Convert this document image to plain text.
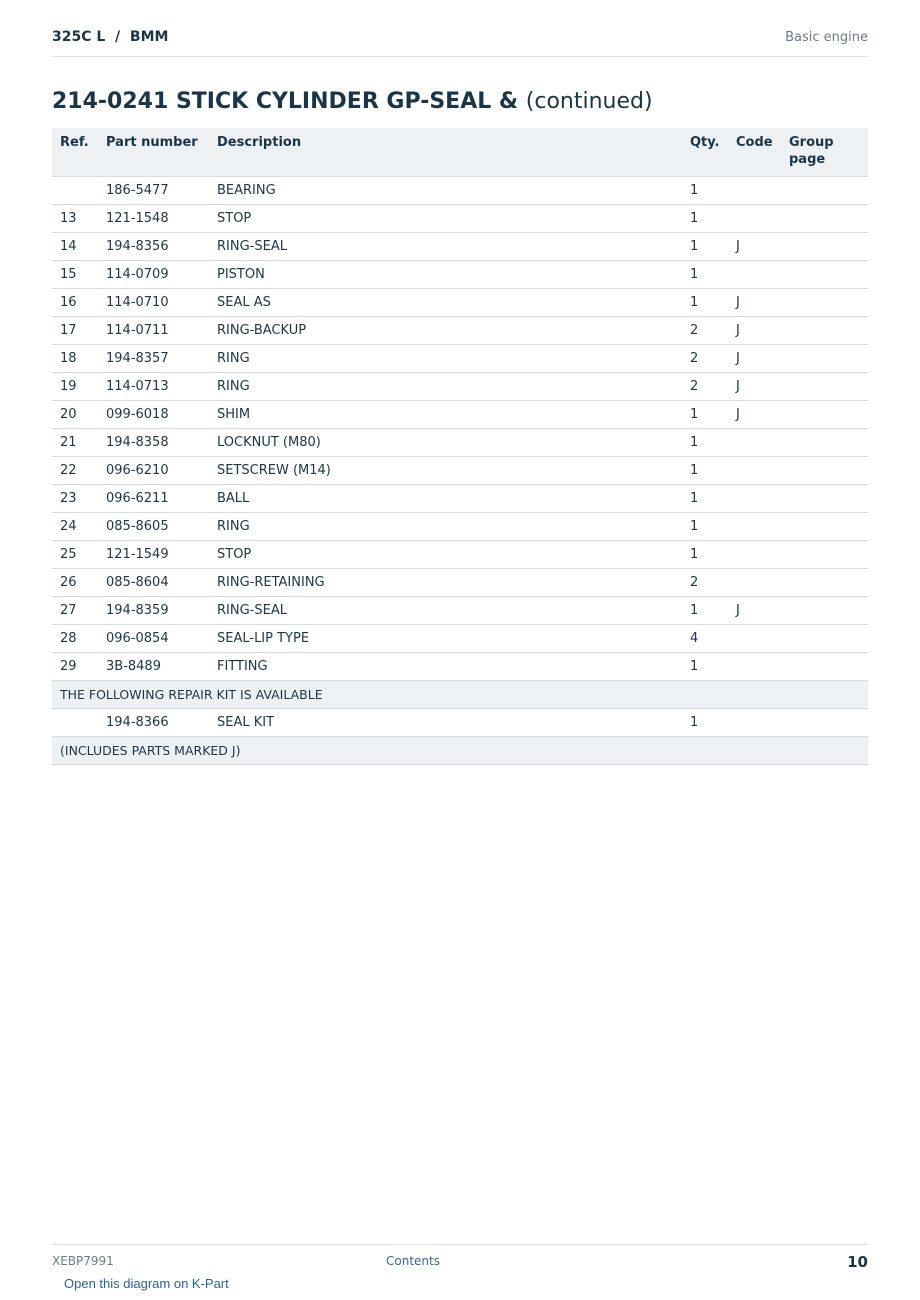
325C L  /  BMM	Basic engine
214-0241 STICK CYLINDER GP-SEAL & (continued)
Ref.	Part number	Description	Qty.	Code	Group page
	186-5477	BEARING	1		
13	121-1548	STOP	1		
14	194-8356	RING-SEAL	1	J	
15	114-0709	PISTON	1		
16	114-0710	SEAL AS	1	J	
17	114-0711	RING-BACKUP	2	J	
18	194-8357	RING	2	J	
19	114-0713	RING	2	J	
20	099-6018	SHIM	1	J	
21	194-8358	LOCKNUT (M80)	1		
22	096-6210	SETSCREW (M14)	1		
23	096-6211	BALL	1		
24	085-8605	RING	1		
25	121-1549	STOP	1		
26	085-8604	RING-RETAINING	2		
27	194-8359	RING-SEAL	1	J	
28	096-0854	SEAL-LIP TYPE	4		
29	3B-8489	FITTING	1		
THE FOLLOWING REPAIR KIT IS AVAILABLE					
	194-8366	SEAL KIT	1		
(INCLUDES PARTS MARKED J)					
XEBP7991	Contents	10
Open this diagram on K-Part
